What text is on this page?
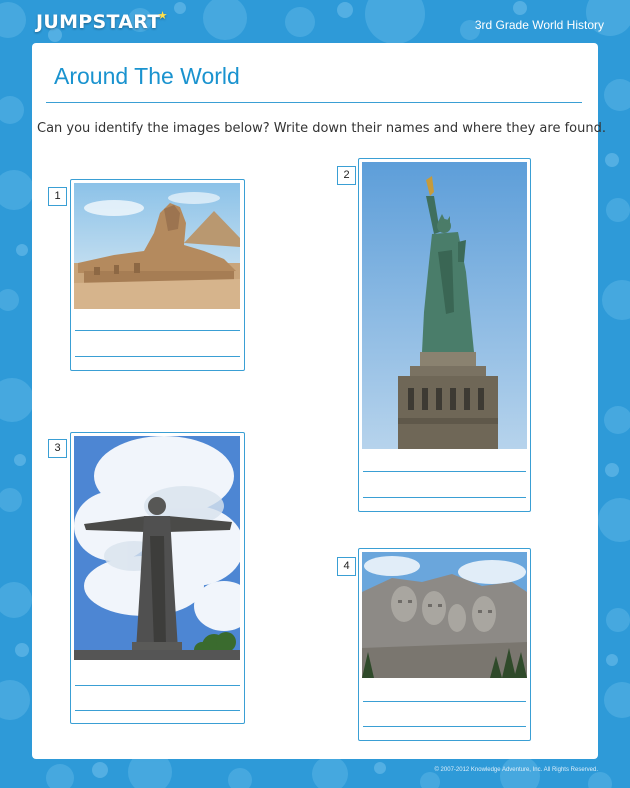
JUMPSTART★
3rd Grade World History
Around The World

Can you identify the images below? Write down their names and where they are found.

1
2
3
4
© 2007-2012 Knowledge Adventure, Inc. All Rights Reserved.
